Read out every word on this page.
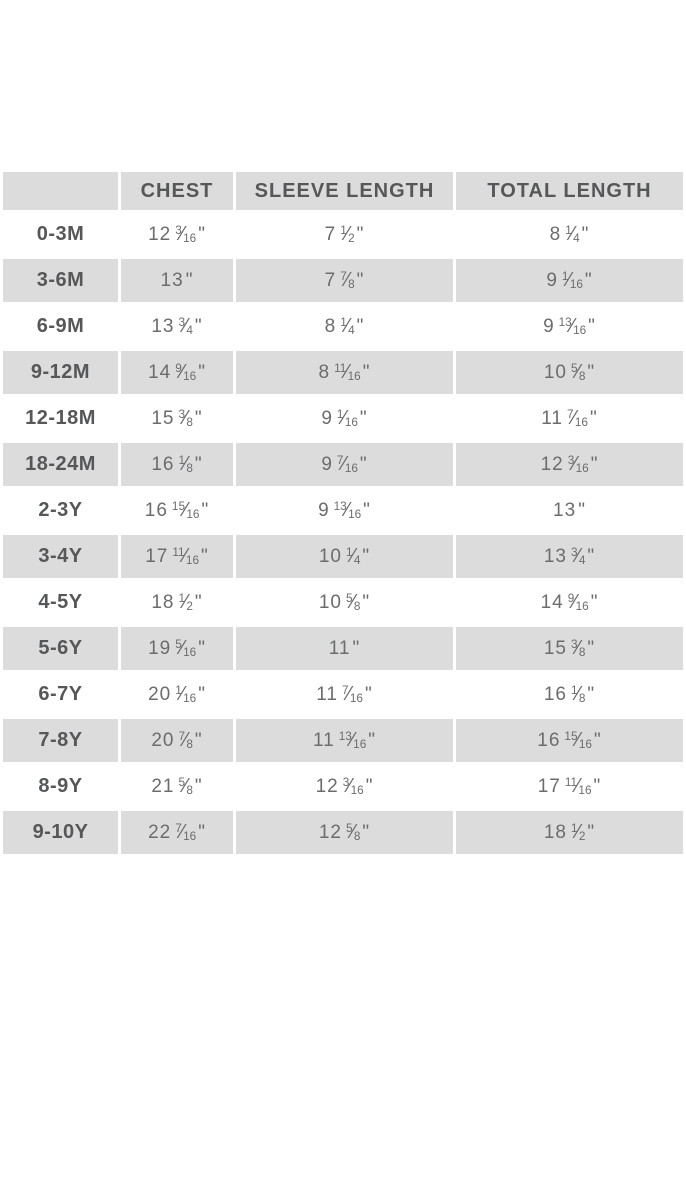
	CHEST	SLEEVE LENGTH	TOTAL LENGTH
0-3M	12 $^3⁄_{16}$ "	7 $^1⁄_2$ "	8 $^1⁄_4$ "
3-6M	13 "	7 $^7⁄_8$ "	9 $^1⁄_{16}$ "
6-9M	13 $^3⁄_4$ "	8 $^1⁄_4$ "	9 $^{13}⁄_{16}$ "
9-12M	14 $^9⁄_{16}$ "	8 $^{11}⁄_{16}$ "	10 $^5⁄_8$ "
12-18M	15 $^3⁄_8$ "	9 $^1⁄_{16}$ "	11 $^7⁄_{16}$ "
18-24M	16 $^1⁄_8$ "	9 $^7⁄_{16}$ "	12 $^3⁄_{16}$ "
2-3Y	16 $^{15}⁄_{16}$ "	9 $^{13}⁄_{16}$ "	13 "
3-4Y	17 $^{11}⁄_{16}$ "	10 $^1⁄_4$ "	13 $^3⁄_4$ "
4-5Y	18 $^1⁄_2$ "	10 $^5⁄_8$ "	14 $^9⁄_{16}$ "
5-6Y	19 $^5⁄_{16}$ "	11 "	15 $^3⁄_8$ "
6-7Y	20 $^1⁄_{16}$ "	11 $^7⁄_{16}$ "	16 $^1⁄_8$ "
7-8Y	20 $^7⁄_8$ "	11 $^{13}⁄_{16}$ "	16 $^{15}⁄_{16}$ "
8-9Y	21 $^5⁄_8$ "	12 $^3⁄_{16}$ "	17 $^{11}⁄_{16}$ "
9-10Y	22 $^7⁄_{16}$ "	12 $^5⁄_8$ "	18 $^1⁄_2$ "
